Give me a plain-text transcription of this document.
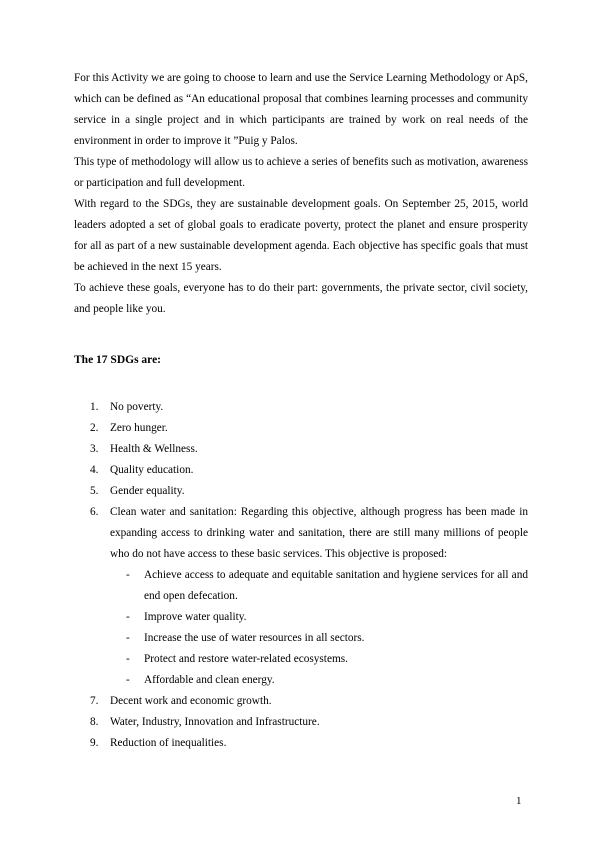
For this Activity we are going to choose to learn and use the Service Learning Methodology or ApS, which can be defined as “An educational proposal that combines learning processes and community service in a single project and in which participants are trained by work on real needs of the environment in order to improve it ”Puig y Palos.

This type of methodology will allow us to achieve a series of benefits such as motivation, awareness or participation and full development.

With regard to the SDGs, they are sustainable development goals. On September 25, 2015, world leaders adopted a set of global goals to eradicate poverty, protect the planet and ensure prosperity for all as part of a new sustainable development agenda. Each objective has specific goals that must be achieved in the next 15 years.

To achieve these goals, everyone has to do their part: governments, the private sector, civil society, and people like you.

The 17 SDGs are:
1.	No poverty.
2.	Zero hunger.
3.	Health & Wellness.
4.	Quality education.
5.	Gender equality.
6.	Clean water and sanitation: Regarding this objective, although progress has been made in expanding access to drinking water and sanitation, there are still many millions of people who do not have access to these basic services. This objective is proposed:
- Achieve access to adequate and equitable sanitation and hygiene services for all and end open defecation.
- Improve water quality.
- Increase the use of water resources in all sectors.
- Protect and restore water-related ecosystems.
- Affordable and clean energy.
7.	Decent work and economic growth.
8.	Water, Industry, Innovation and Infrastructure.
9.	Reduction of inequalities.
1
